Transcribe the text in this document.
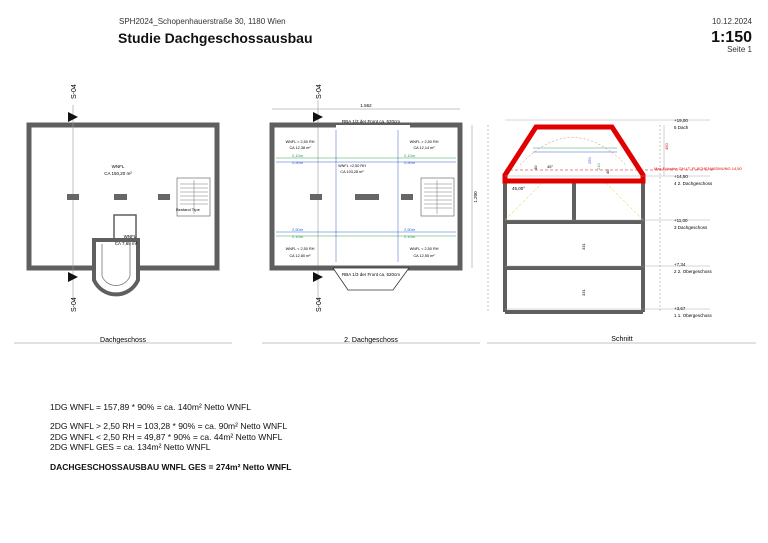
SPH2024_Schopenhauerstraße 30, 1180 Wien
Studie Dachgeschossausbau
10.12.2024
1:150
Seite 1
S-04
S-04
Bestand Trpe
WNFL
CA 150,20 m²
WNFL
CA 7,69 m²
Dachgeschoss
1.562
1.200
S-04
S-04
RBA 1/3 der Front ca. 520cm
2,10m
2,50m
2,10m
2,50m
2,50m
2,10m
2,50m
2,10m
WNFL > 2,50 RH
CA 12,38 m²
WNFL > 2,50 RH
CA 12,14 m²
WNFL >2,50 RH
CA 103,28 m²
WNFL < 2,50 RH
CA 12,80 m²
WNFL < 2,50 RH
CA 12,55 m²
RBA 1/3 der Front ca. 520cm
2. Dachgeschoss
450
250
210
40
40
331
331
45,00°
45°	Max Erlaubte GH LT. FLÄCHENWIDMUNG 14,50
+19,00
5 Dach
+14,50
4 2. Dachgeschoss
+11,00
3 Dachgeschoss
+7,34
2 2. Obergeschoss
+3,67
1 1. Obergeschoss
Schnitt
1DG WNFL = 157,89 * 90% = ca. 140m² Netto WNFL
2DG WNFL > 2,50 RH = 103,28 * 90% = ca. 90m² Netto WNFL
2DG WNFL < 2,50 RH = 49,87 * 90% = ca. 44m² Netto WNFL
2DG WNFL GES = ca. 134m² Netto WNFL
DACHGESCHOSSAUSBAU WNFL GES = 274m² Netto WNFL
